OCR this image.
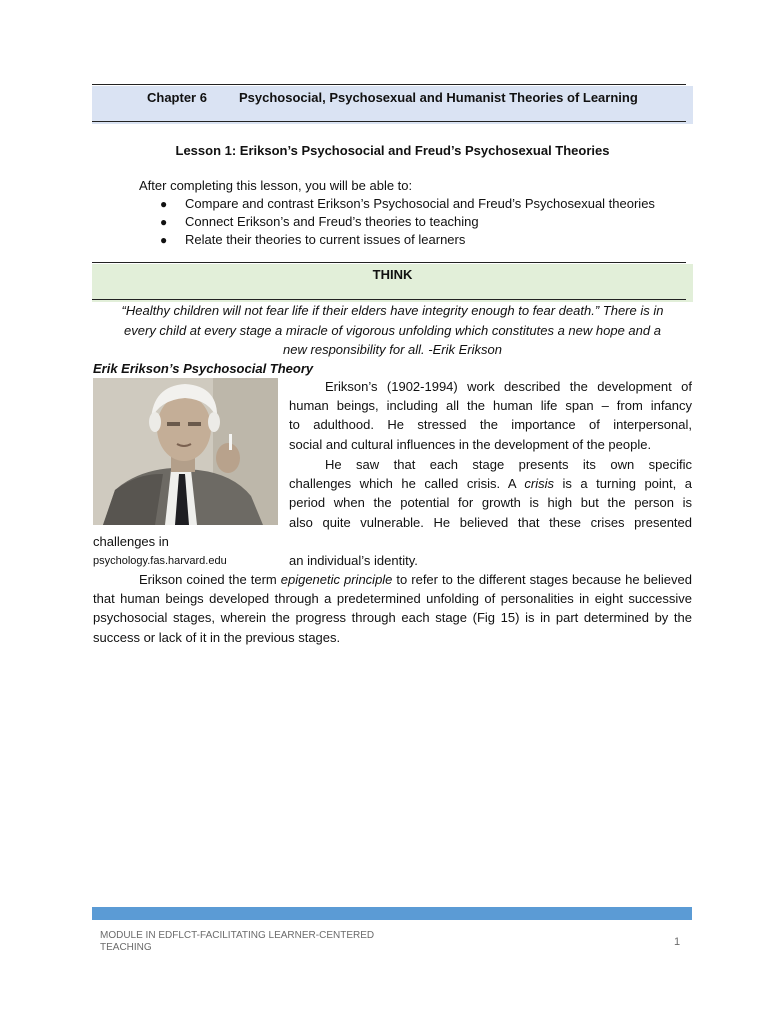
Chapter 6 Psychosocial, Psychosexual and Humanist Theories of Learning
Lesson 1: Erikson’s Psychosocial and Freud’s Psychosexual Theories
After completing this lesson, you will be able to:
● Compare and contrast Erikson’s Psychosocial and Freud’s Psychosexual theories
● Connect Erikson’s and Freud’s theories to teaching
● Relate their theories to current issues of learners
THINK
“Healthy children will not fear life if their elders have integrity enough to fear death.” There is in
every child at every stage a miracle of vigorous unfolding which constitutes a new hope and a
new responsibility for all. -Erik Erikson
Erik Erikson’s Psychosocial Theory
Erikson’s (1902-1994) work described the development of
human beings, including all the human life span – from infancy
to adulthood. He stressed the importance of interpersonal,
social and cultural influences in the development of the people.
He saw that each stage presents its own specific
challenges which he called crisis. A crisis is a turning point, a
period when the potential for growth is high but the person is
also quite vulnerable. He believed that these crises presented
challenges in
psychology.fas.harvard.edu	an individual’s identity.
Erikson coined the term epigenetic principle to refer to the different stages because he believed that human beings developed through a predetermined unfolding of personalities in eight successive psychosocial stages, wherein the progress through each stage (Fig 15) is in part determined by the success or lack of it in the previous stages.
MODULE IN EDFLCT-FACILITATING LEARNER-CENTERED TEACHING	1
